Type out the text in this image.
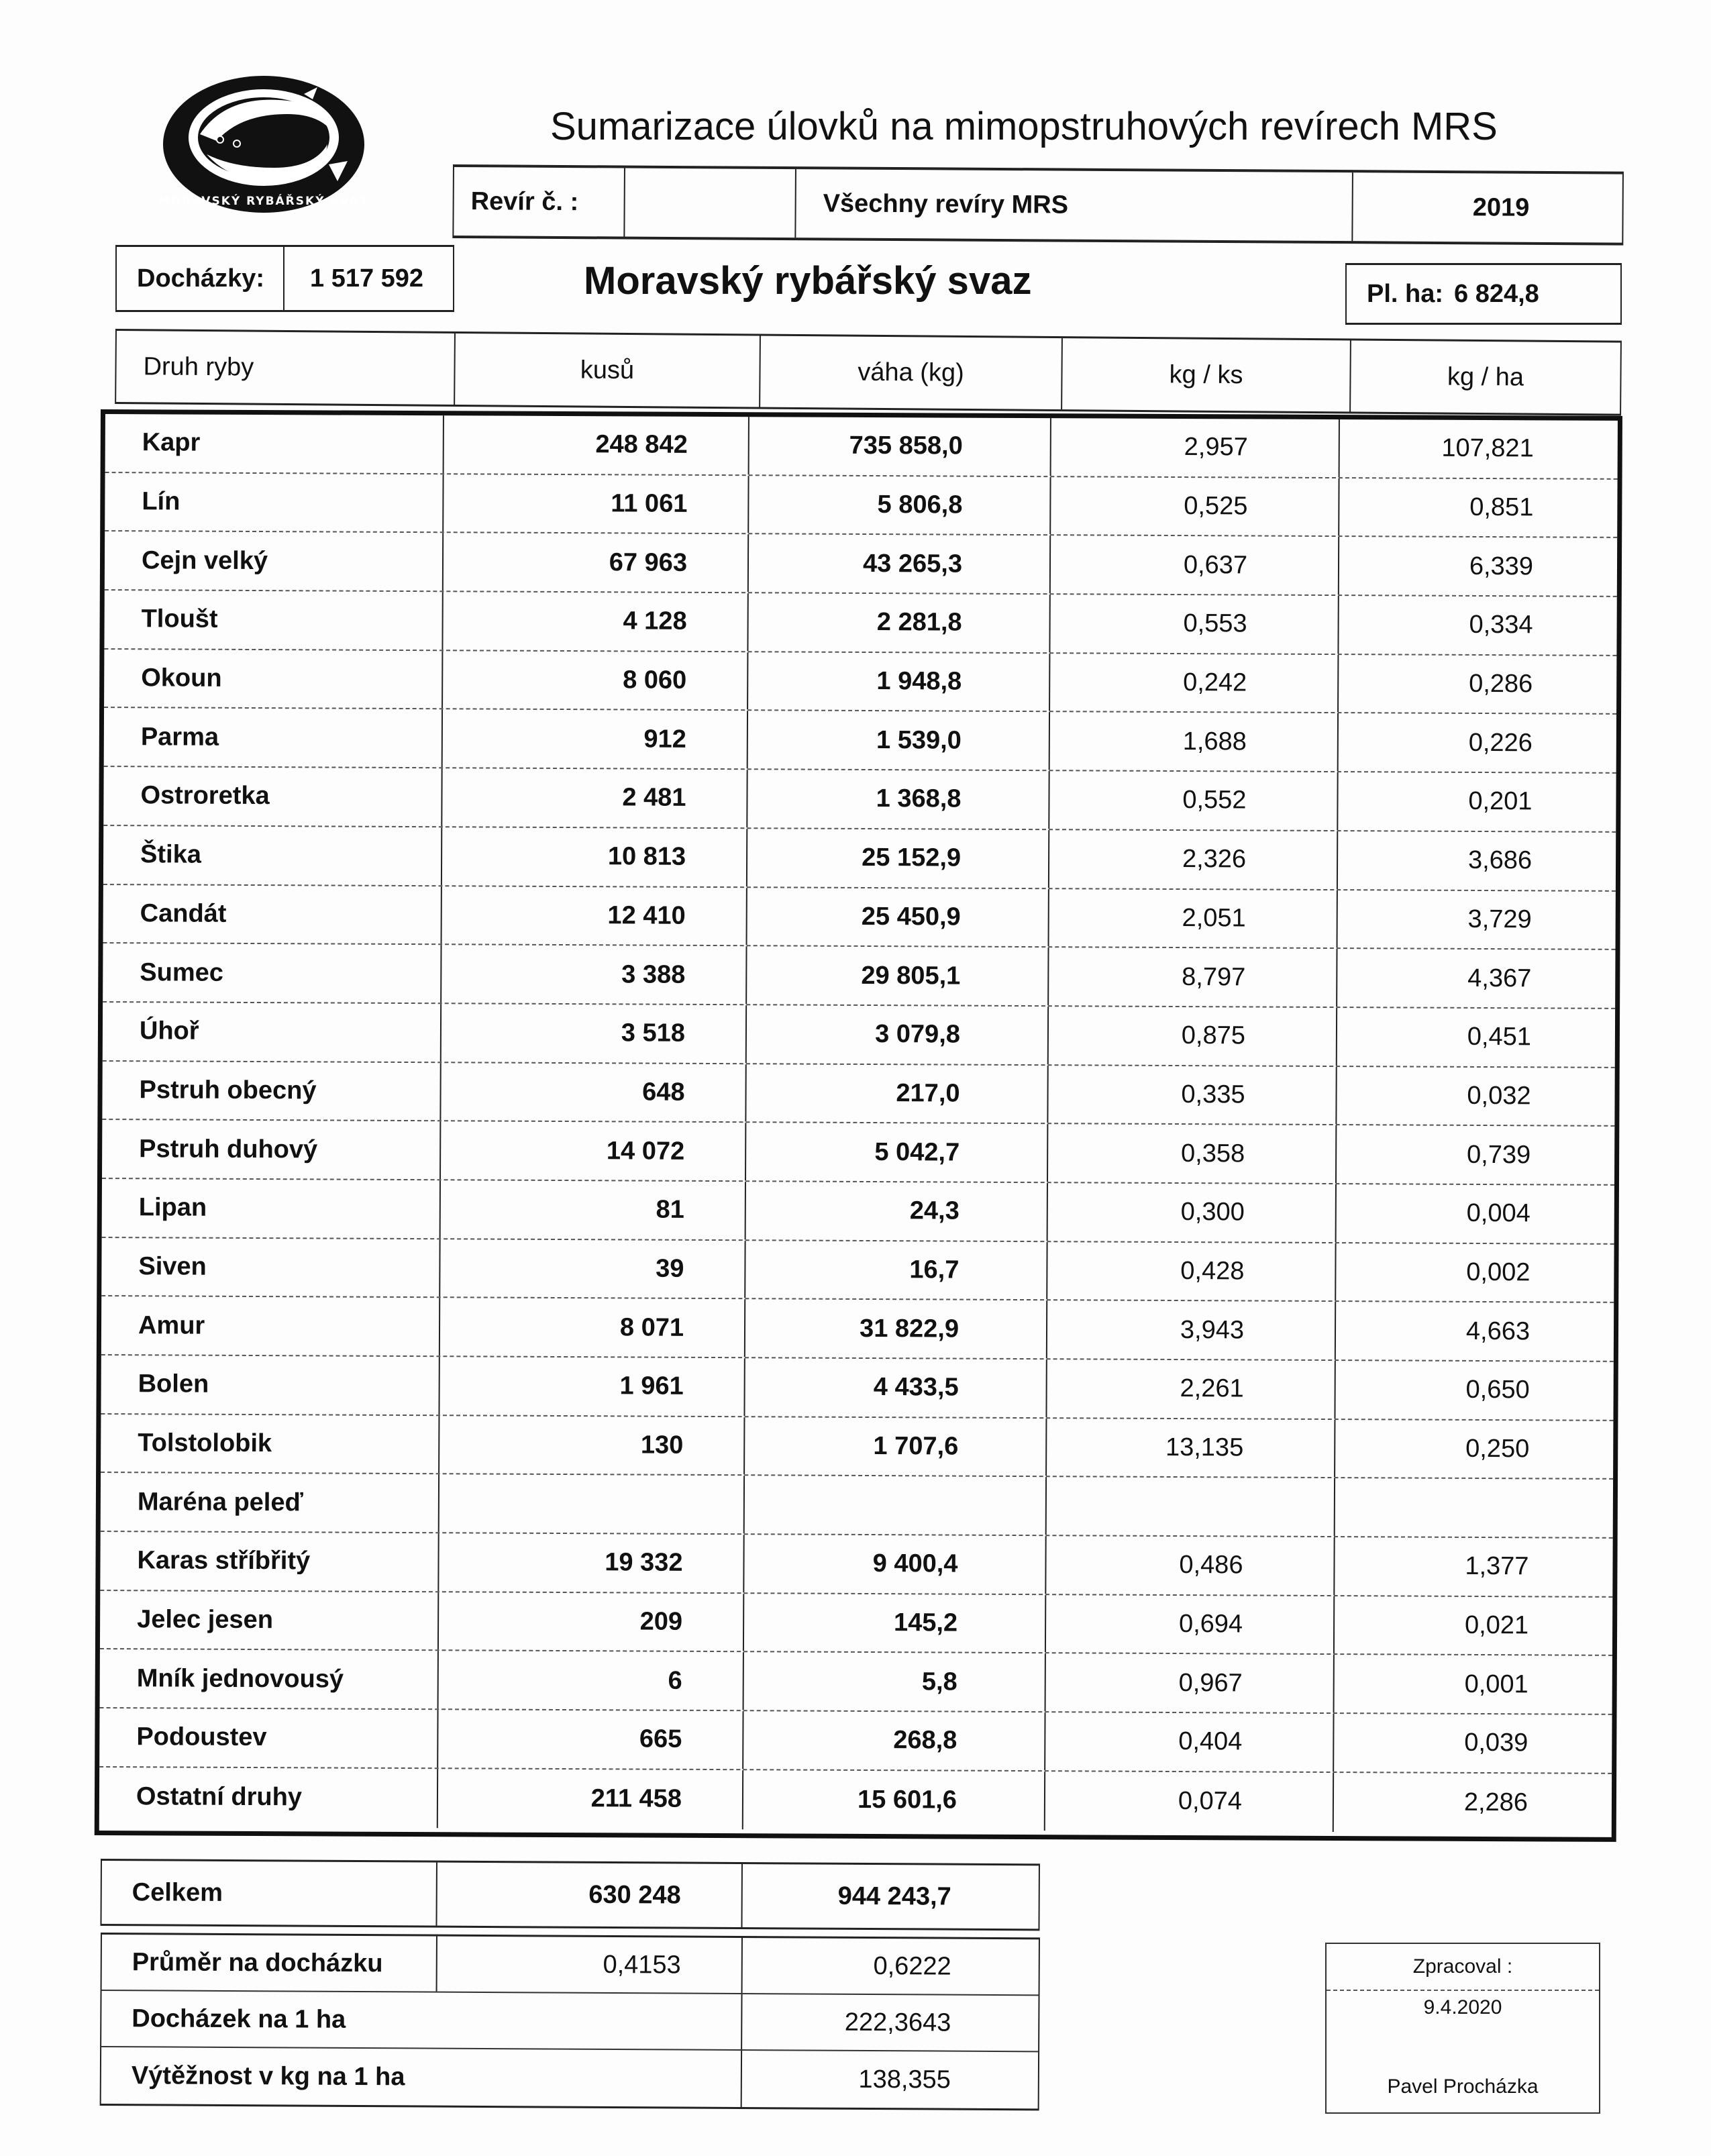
MORAVSKÝ RYBÁŘSKÝ SVAZ
Sumarizace úlovků na mimopstruhových revírech MRS
Revír č. :	Všechny revíry MRS	2019
Docházky:	1 517 592	Moravský rybářský svaz	Pl. ha: 6 824,8
Druh ryby	kusů	váha (kg)	kg / ks	kg / ha
Kapr	248 842	735 858,0	2,957	107,821
Lín	11 061	5 806,8	0,525	0,851
Cejn velký	67 963	43 265,3	0,637	6,339
Tloušt	4 128	2 281,8	0,553	0,334
Okoun	8 060	1 948,8	0,242	0,286
Parma	912	1 539,0	1,688	0,226
Ostroretka	2 481	1 368,8	0,552	0,201
Štika	10 813	25 152,9	2,326	3,686
Candát	12 410	25 450,9	2,051	3,729
Sumec	3 388	29 805,1	8,797	4,367
Úhoř	3 518	3 079,8	0,875	0,451
Pstruh obecný	648	217,0	0,335	0,032
Pstruh duhový	14 072	5 042,7	0,358	0,739
Lipan	81	24,3	0,300	0,004
Siven	39	16,7	0,428	0,002
Amur	8 071	31 822,9	3,943	4,663
Bolen	1 961	4 433,5	2,261	0,650
Tolstolobik	130	1 707,6	13,135	0,250
Maréna peleď
Karas stříbřitý	19 332	9 400,4	0,486	1,377
Jelec jesen	209	145,2	0,694	0,021
Mník jednovousý	6	5,8	0,967	0,001
Podoustev	665	268,8	0,404	0,039
Ostatní druhy	211 458	15 601,6	0,074	2,286
Celkem	630 248	944 243,7
Průměr na docházku	0,4153	0,6222
Docházek na 1 ha	222,3643
Výtěžnost v kg na 1 ha	138,355
Zpracoval :
9.4.2020
Pavel Procházka
